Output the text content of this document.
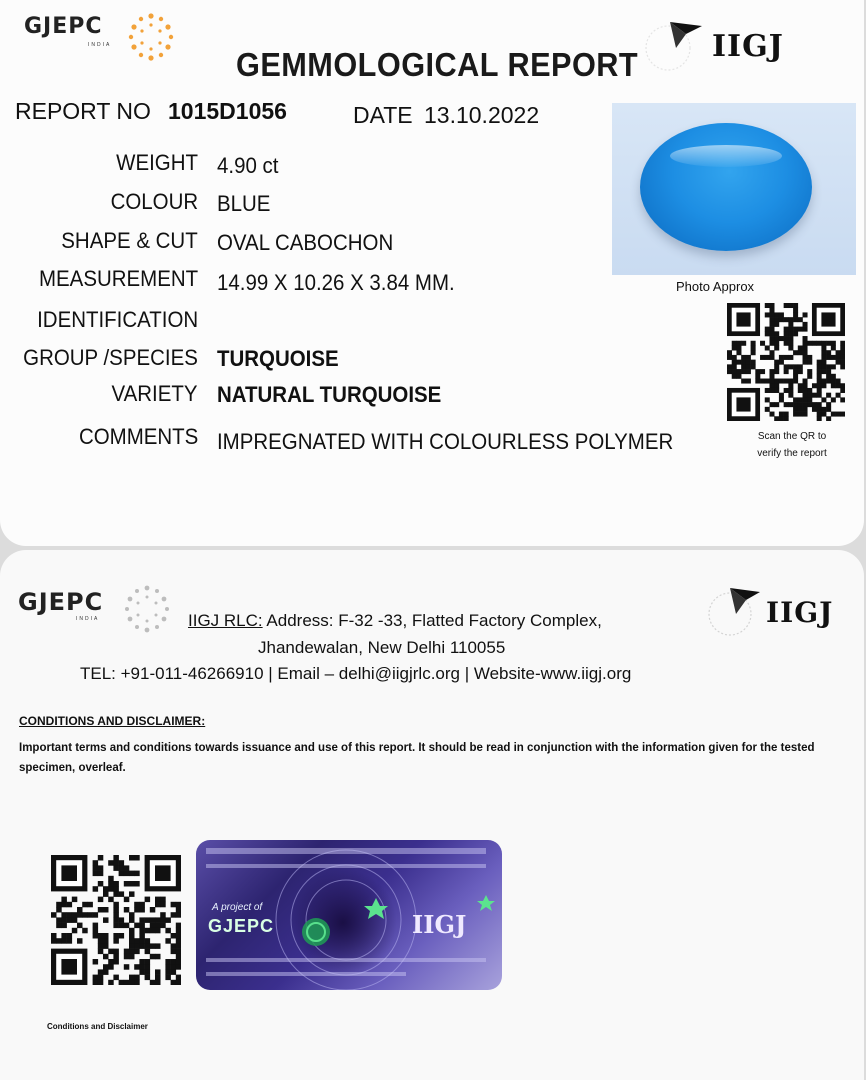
GJEPC
INDIA	IIGJ
GEMMOLOGICAL REPORT
REPORT NO 1015D1056	DATE 13.10.2022
WEIGHT 4.90 ct
COLOUR BLUE
SHAPE & CUT OVAL CABOCHON
MEASUREMENT 14.99 X 10.26 X 3.84 MM.
IDENTIFICATION
GROUP /SPECIES TURQUOISE
VARIETY NATURAL TURQUOISE
COMMENTS IMPREGNATED WITH COLOURLESS POLYMER
Photo Approx
Scan the QR to
verify the report
GJEPC
INDIA	IIGJ
IIGJ RLC: Address: F-32 -33, Flatted Factory Complex,
Jhandewalan, New Delhi 110055
TEL: +91-011-46266910 | Email – delhi@iigjrlc.org | Website-www.iigj.org
CONDITIONS AND DISCLAIMER:
Important terms and conditions towards issuance and use of this report. It should be read in conjunction with the information given for the tested specimen, overleaf.
Conditions and Disclaimer
A project of
GJEPC	IIGJ
